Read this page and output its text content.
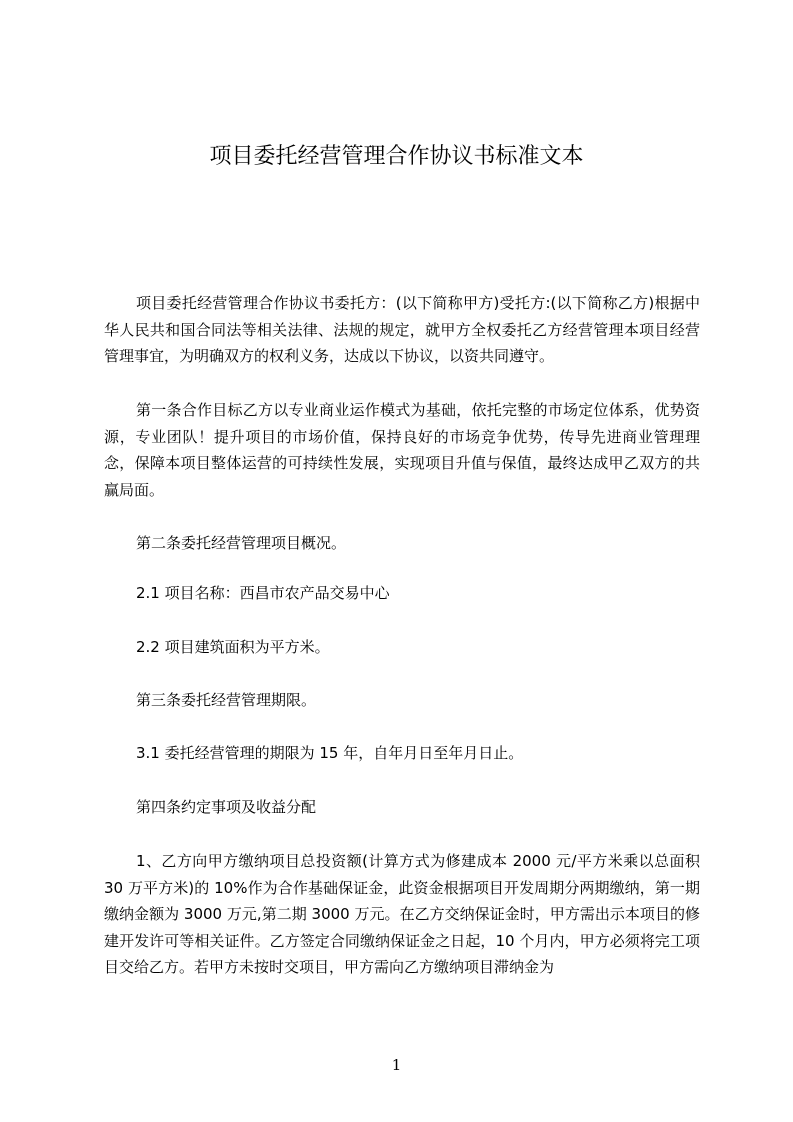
项目委托经营管理合作协议书标准文本

项目委托经营管理合作协议书委托方：(以下简称甲方)受托方:(以下简称乙方)根据中华人民共和国合同法等相关法律、法规的规定，就甲方全权委托乙方经营管理本项目经营管理事宜，为明确双方的权利义务，达成以下协议，以资共同遵守。

第一条合作目标乙方以专业商业运作模式为基础，依托完整的市场定位体系，优势资源，专业团队！提升项目的市场价值，保持良好的市场竞争优势，传导先进商业管理理念，保障本项目整体运营的可持续性发展，实现项目升值与保值，最终达成甲乙双方的共赢局面。

第二条委托经营管理项目概况。

2.1 项目名称：西昌市农产品交易中心

2.2 项目建筑面积为平方米。

第三条委托经营管理期限。

3.1 委托经营管理的期限为 15 年，自年月日至年月日止。

第四条约定事项及收益分配

1、乙方向甲方缴纳项目总投资额(计算方式为修建成本 2000 元/平方米乘以总面积 30 万平方米)的 10%作为合作基础保证金，此资金根据项目开发周期分两期缴纳，第一期缴纳金额为 3000 万元,第二期 3000 万元。在乙方交纳保证金时，甲方需出示本项目的修建开发许可等相关证件。乙方签定合同缴纳保证金之日起，10 个月内，甲方必须将完工项目交给乙方。若甲方未按时交项目，甲方需向乙方缴纳项目滞纳金为

1
